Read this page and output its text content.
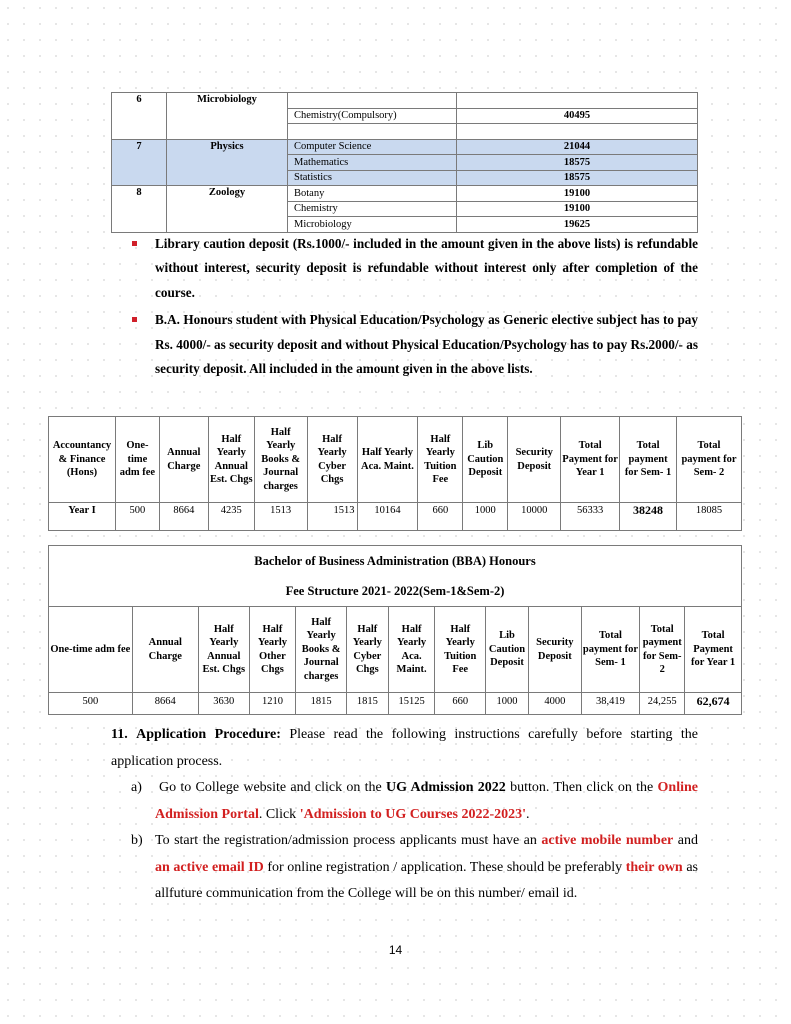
6	Microbiology		
		Chemistry(Compulsory)	40495

7	Physics	Computer Science	21044
		Mathematics	18575
		Statistics	18575
8	Zoology	Botany	19100
		Chemistry	19100
		Microbiology	19625
Library caution deposit (Rs.1000/- included in the amount given in the above lists) is refundable without interest, security deposit is refundable without interest only after completion of the course.
B.A. Honours student with Physical Education/Psychology as Generic elective subject has to pay Rs. 4000/- as security deposit and without Physical Education/Psychology has to pay Rs.2000/- as security deposit. All included in the amount given in the above lists.
Accountancy & Finance (Hons)	One-time adm fee	Annual Charge	Half Yearly Annual Est. Chgs	Half Yearly Books & Journal charges	Half Yearly Cyber Chgs	Half Yearly Aca. Maint.	Half Yearly Tuition Fee	Lib Caution Deposit	Security Deposit	Total Payment for Year 1	Total payment for Sem- 1	Total payment for Sem- 2
Year I	500	8664	4235	1513	1513	10164	660	1000	10000	56333	38248	18085

Bachelor of Business Administration (BBA) Honours												
Fee Structure 2021- 2022(Sem-1&Sem-2)												
One-time adm fee	Annual Charge	Half Yearly Annual Est. Chgs	Half Yearly Other Chgs	Half Yearly Books & Journal charges	Half Yearly Cyber Chgs	Half Yearly Aca. Maint.	Half Yearly Tuition Fee	Lib Caution Deposit	Security Deposit	Total payment for Sem- 1	Total payment for Sem- 2	Total Payment for Year 1
500	8664	3630	1210	1815	1815	15125	660	1000	4000	38,419	24,255	62,674

11. Application Procedure: Please read the following instructions carefully before starting the application process.
a)	Go to College website and click on the UG Admission 2022 button. Then click on the Online Admission Portal. Click 'Admission to UG Courses 2022-2023'.
b) To start the registration/admission process applicants must have an active mobile number and an active email ID for online registration / application. These should be preferably their own as allfuture communication from the College will be on this number/ email id.
14
